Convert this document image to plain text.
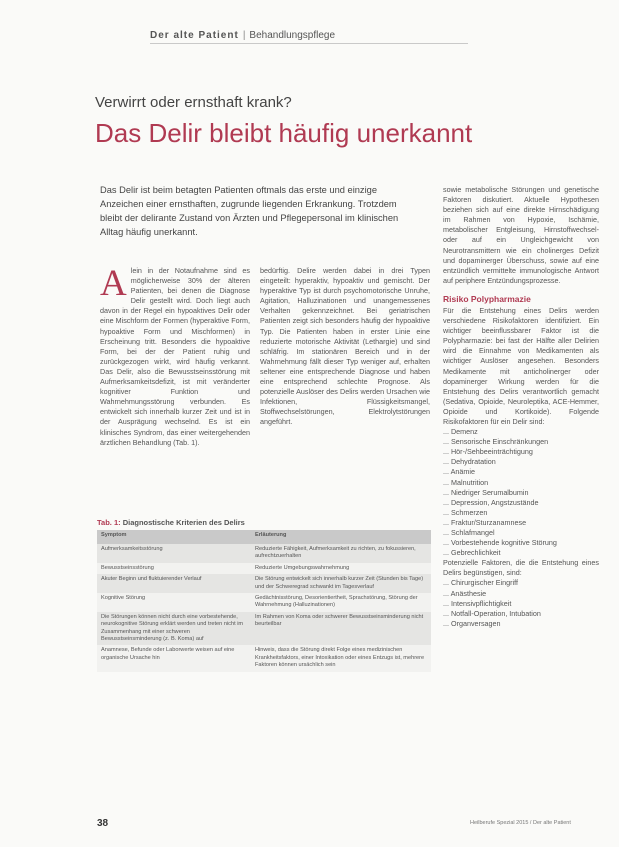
Der alte Patient | Behandlungspflege
Verwirrt oder ernsthaft krank?
Das Delir bleibt häufig unerkannt
Das Delir ist beim betagten Patienten oftmals das erste und einzige Anzeichen einer ernsthaften, zugrunde liegenden Erkrankung. Trotzdem bleibt der delirante Zustand von Ärzten und Pflegepersonal im klinischen Alltag häufig unerkannt.
Alein in der Notaufnahme sind es möglicherweise 30% der älteren Patienten, bei denen die Diagnose Delir gestellt wird. Doch liegt auch davon in der Regel ein hypoaktives Delir oder eine Mischform der Formen (hyperaktive Form, hypoaktive Form und Mischformen) in Erscheinung tritt. Besonders die hypoaktive Form, bei der der Patient ruhig und zurückgezogen wirkt, wird häufig verkannt. Das Delir, also die Bewusstseinsstörung mit Aufmerksamkeitsdefizit, ist mit veränderter kognitiver Funktion und Wahrnehmungsstörung verbunden. Es entwickelt sich innerhalb kurzer Zeit und ist in der Ausprägung wechselnd. Es ist ein klinisches Syndrom, das einer weitergehenden ärztlichen Behandlung (Tab. 1).
bedürftig. Delire werden dabei in drei Typen eingeteilt: hyperaktiv, hypoaktiv und gemischt. Der hyperaktive Typ ist durch psychomotorische Unruhe, Agitation, Halluzinationen und unangemessenes Verhalten gekennzeichnet. Bei geriatrischen Patienten zeigt sich besonders häufig der hypoaktive Typ. Die Patienten haben in erster Linie eine reduzierte motorische Aktivität (Lethargie) und sind schläfrig. Im stationären Bereich und in der Wahrnehmung fällt dieser Typ weniger auf, erhalten seltener eine entsprechende Diagnose und haben eine entsprechend schlechte Prognose. Als potenzielle Auslöser des Delirs werden Ursachen wie Infektionen, Flüssigkeitsmangel, Stoffwechselstörungen, Elektrolytstörungen angeführt.
sowie metabolische Störungen und genetische Faktoren diskutiert. Aktuelle Hypothesen beziehen sich auf eine direkte Hirnschädigung im Rahmen von Hypoxie, Ischämie, metabolischer Entgleisung, Hirnstoffwechsel- oder auf ein Ungleichgewicht von Neurotransmittern wie ein cholinerges Defizit und dopaminerger Überschuss, sowie auf eine entzündlich vermittelte immunologische Antwort auf periphere Entzündungsprozesse.
Risiko Polypharmazie
Für die Entstehung eines Delirs werden verschiedene Risikofaktoren identifiziert. Ein wichtiger beeinflussbarer Faktor ist die Polypharmazie: bei fast der Hälfte aller Delirien wird die Einnahme von Medikamenten als wichtiger Auslöser angesehen. Besonders Medikamente mit anticholinerger oder dopaminerger Wirkung werden für die Entstehung des Delirs verantwortlich gemacht (Sedativa, Opioide, Neuroleptika, ACE-Hemmer, Opioide und Kortikoide). Folgende Risikofaktoren für ein Delir sind:
... Demenz
... Sensorische Einschränkungen
... Hör-/Sehbeeinträchtigung
... Dehydratation
... Anämie
... Malnutrition
... Niedriger Serumalbumin
... Depression, Angstzustände
... Schmerzen
... Fraktur/Sturzanamnese
... Schlafmangel
... Vorbestehende kognitive Störung
... Gebrechlichkeit
Potenzielle Faktoren, die die Entstehung eines Delirs begünstigen, sind:
... Chirurgischer Eingriff
... Anästhesie
... Intensivpflichtigkeit
... Notfall-Operation, Intubation
... Organversagen
Tab. 1: Diagnostische Kriterien des Delirs
Symptom	Erläuterung
Aufmerksamkeitsstörung	Reduzierte Fähigkeit, Aufmerksamkeit zu richten, zu fokussieren, aufrechtzuerhalten
Bewusstseinsstörung	Reduzierte Umgebungswahrnehmung
Akuter Beginn und fluktuierender Verlauf	Die Störung entwickelt sich innerhalb kurzer Zeit (Stunden bis Tage) und der Schweregrad schwankt im Tagesverlauf
Kognitive Störung	Gedächtnisstörung, Desorientiertheit, Sprachstörung, Störung der Wahrnehmung (Halluzinationen)
Die Störungen können nicht durch eine vorbestehende, neurokognitive Störung erklärt werden und treten nicht im Zusammenhang mit einer schweren Bewusstseinsminderung (z. B. Koma) auf	Im Rahmen von Koma oder schwerer Bewusstseinsminderung nicht beurteilbar
Anamnese, Befunde oder Laborwerte weisen auf eine organische Ursache hin	Hinweis, dass die Störung direkt Folge eines medizinischen Krankheitsfaktors, einer Intoxikation oder eines Entzugs ist, mehrere Faktoren können ursächlich sein
38	Heilberufe Spezial 2015 / Der alte Patient
